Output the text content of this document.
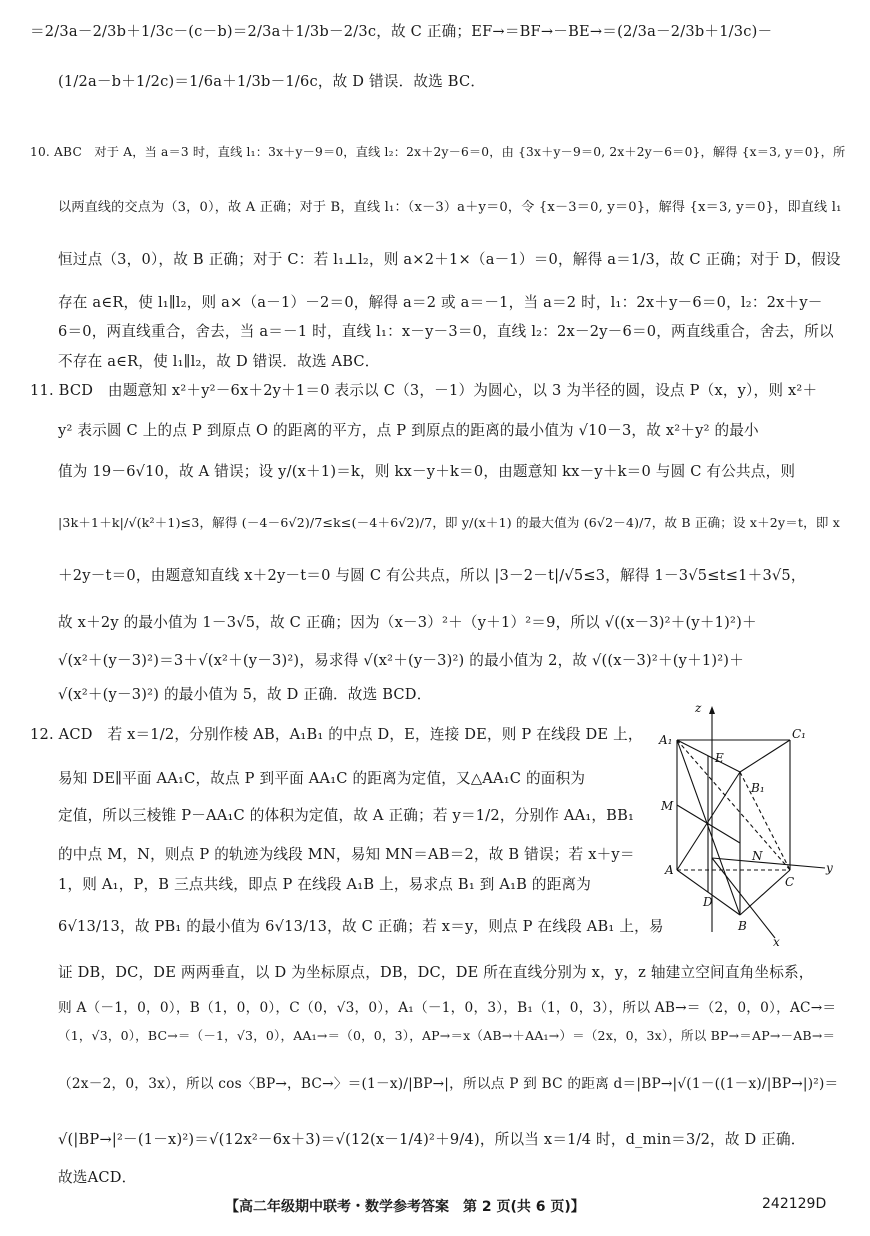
＝2/3a－2/3b＋1/3c－(c－b)＝2/3a＋1/3b－2/3c，故 C 正确；EF→＝BF→－BE→＝(2/3a－2/3b＋1/3c)－
(1/2a－b＋1/2c)＝1/6a＋1/3b－1/6c，故 D 错误．故选 BC．
10. ABC　对于 A，当 a＝3 时，直线 l₁：3x＋y－9＝0，直线 l₂：2x＋2y－6＝0，由 {3x＋y－9＝0, 2x＋2y－6＝0}，解得 {x＝3, y＝0}，所
以两直线的交点为（3，0），故 A 正确；对于 B，直线 l₁：（x－3）a＋y＝0，令 {x－3＝0, y＝0}，解得 {x＝3, y＝0}，即直线 l₁
恒过点（3，0），故 B 正确；对于 C：若 l₁⊥l₂，则 a×2＋1×（a－1）＝0，解得 a＝1/3，故 C 正确；对于 D，假设
存在 a∈R，使 l₁∥l₂，则 a×（a－1）－2＝0，解得 a＝2 或 a＝－1，当 a＝2 时，l₁：2x＋y－6＝0，l₂：2x＋y－
6＝0，两直线重合，舍去，当 a＝－1 时，直线 l₁：x－y－3＝0，直线 l₂：2x－2y－6＝0，两直线重合，舍去，所以
不存在 a∈R，使 l₁∥l₂，故 D 错误．故选 ABC．
11. BCD　由题意知 x²＋y²－6x＋2y＋1＝0 表示以 C（3，－1）为圆心，以 3 为半径的圆，设点 P（x，y），则 x²＋
y² 表示圆 C 上的点 P 到原点 O 的距离的平方，点 P 到原点的距离的最小值为 √10－3，故 x²＋y² 的最小
值为 19－6√10，故 A 错误；设 y/(x＋1)＝k，则 kx－y＋k＝0，由题意知 kx－y＋k＝0 与圆 C 有公共点，则
|3k＋1＋k|/√(k²＋1)≤3，解得 (－4－6√2)/7≤k≤(－4＋6√2)/7，即 y/(x＋1) 的最大值为 (6√2－4)/7，故 B 正确；设 x＋2y＝t，即 x
＋2y－t＝0，由题意知直线 x＋2y－t＝0 与圆 C 有公共点，所以 |3－2－t|/√5≤3，解得 1－3√5≤t≤1＋3√5，
故 x＋2y 的最小值为 1－3√5，故 C 正确；因为（x－3）²＋（y＋1）²＝9，所以 √((x－3)²＋(y＋1)²)＋
√(x²＋(y－3)²)＝3＋√(x²＋(y－3)²)，易求得 √(x²＋(y－3)²) 的最小值为 2，故 √((x－3)²＋(y＋1)²)＋
√(x²＋(y－3)²) 的最小值为 5，故 D 正确．故选 BCD．
12. ACD　若 x＝1/2，分别作棱 AB，A₁B₁ 的中点 D，E，连接 DE，则 P 在线段 DE 上，
易知 DE∥平面 AA₁C，故点 P 到平面 AA₁C 的距离为定值，又△AA₁C 的面积为
定值，所以三棱锥 P－AA₁C 的体积为定值，故 A 正确；若 y＝1/2，分别作 AA₁，BB₁
的中点 M，N，则点 P 的轨迹为线段 MN，易知 MN＝AB＝2，故 B 错误；若 x＋y＝
1，则 A₁，P，B 三点共线，即点 P 在线段 A₁B 上，易求点 B₁ 到 A₁B 的距离为
6√13/13，故 PB₁ 的最小值为 6√13/13，故 C 正确；若 x＝y，则点 P 在线段 AB₁ 上，易
证 DB，DC，DE 两两垂直，以 D 为坐标原点，DB，DC，DE 所在直线分别为 x，y，z 轴建立空间直角坐标系，
则 A（－1，0，0），B（1，0，0），C（0，√3，0），A₁（－1，0，3），B₁（1，0，3），所以 AB→＝（2，0，0），AC→＝
（1，√3，0），BC→＝（－1，√3，0），AA₁→＝（0，0，3），AP→＝x（AB→＋AA₁→）＝（2x，0，3x），所以 BP→＝AP→－AB→＝
（2x－2，0，3x），所以 cos〈BP→，BC→〉＝(1－x)/|BP→|，所以点 P 到 BC 的距离 d＝|BP→|√(1－((1－x)/|BP→|)²)＝
√(|BP→|²－(1－x)²)＝√(12x²－6x＋3)＝√(12(x－1/4)²＋9/4)，所以当 x＝1/4 时，d_min＝3/2，故 D 正确．
故选ACD．
z
y
x
A₁	C₁
E
B₁
M
N
A
C
D
B
【高二年级期中联考・数学参考答案　第 2 页(共 6 页)】	242129D
